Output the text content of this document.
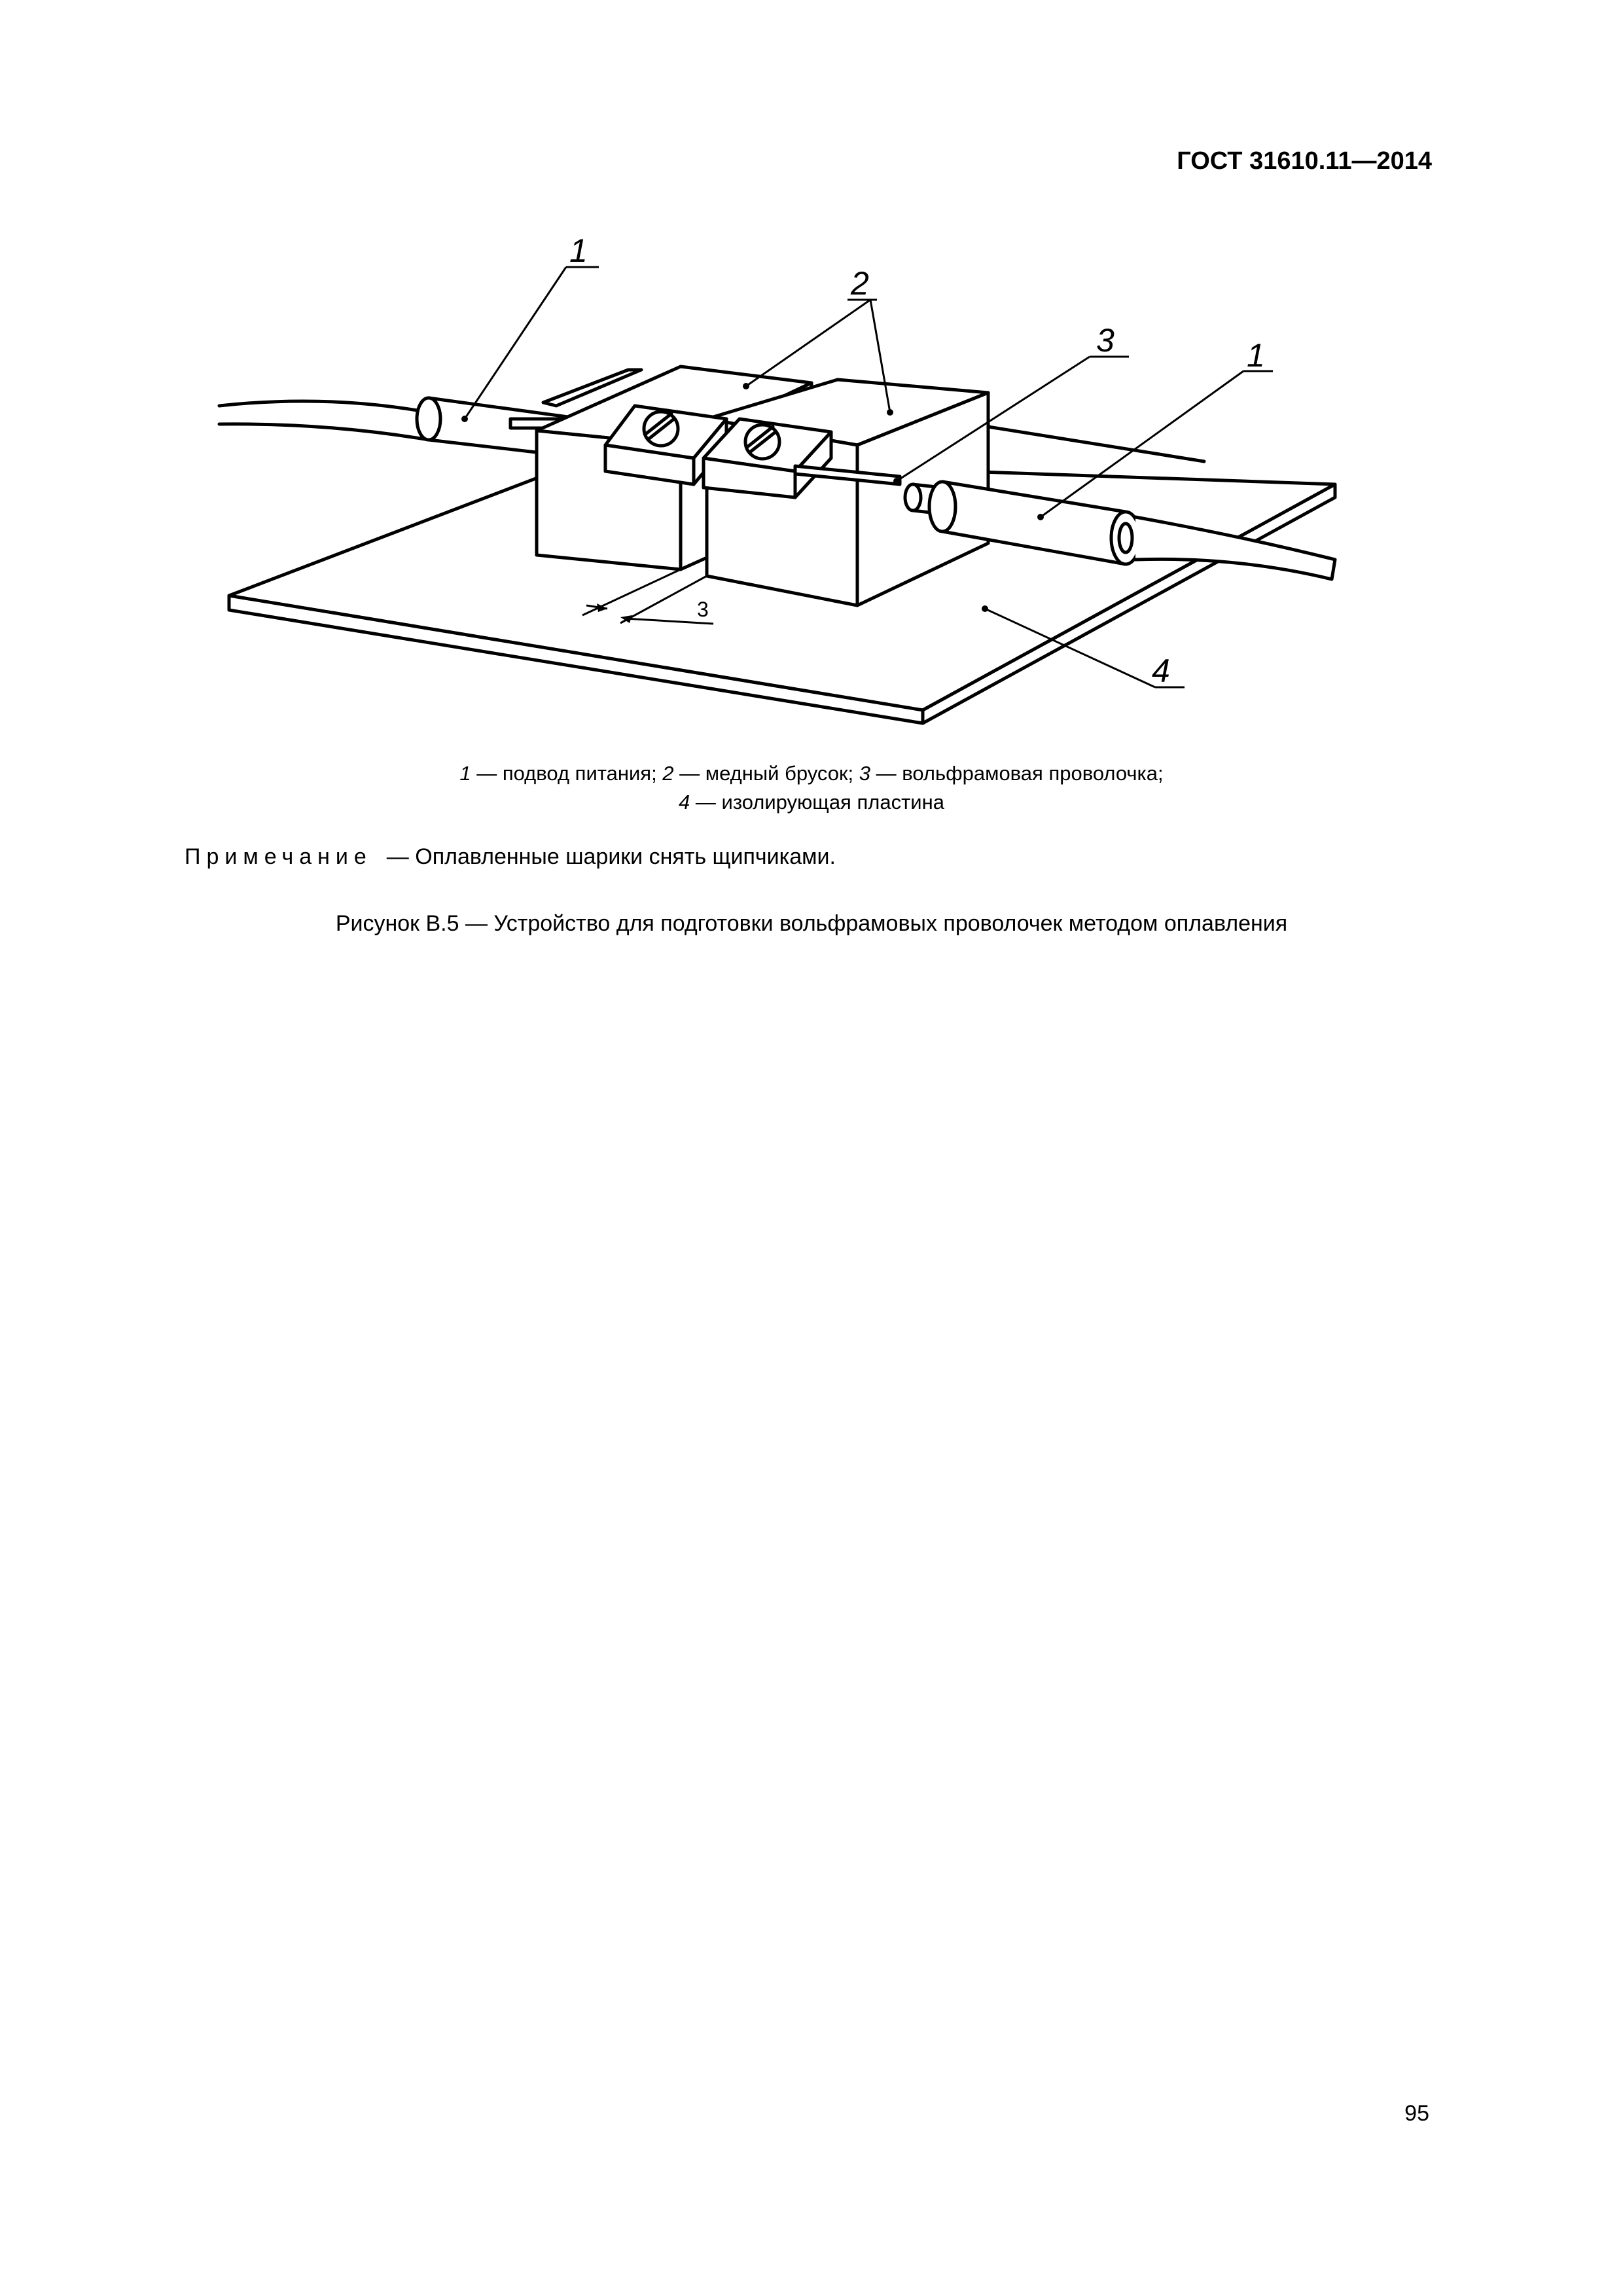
ГОСТ 31610.11—2014
1
2
3	1
4
3
1 — подвод питания; 2 — медный брусок; 3 — вольфрамовая проволочка;
4 — изолирующая пластина
Примечание — Оплавленные шарики снять щипчиками.
Рисунок В.5 — Устройство для подготовки вольфрамовых проволочек методом оплавления
95
